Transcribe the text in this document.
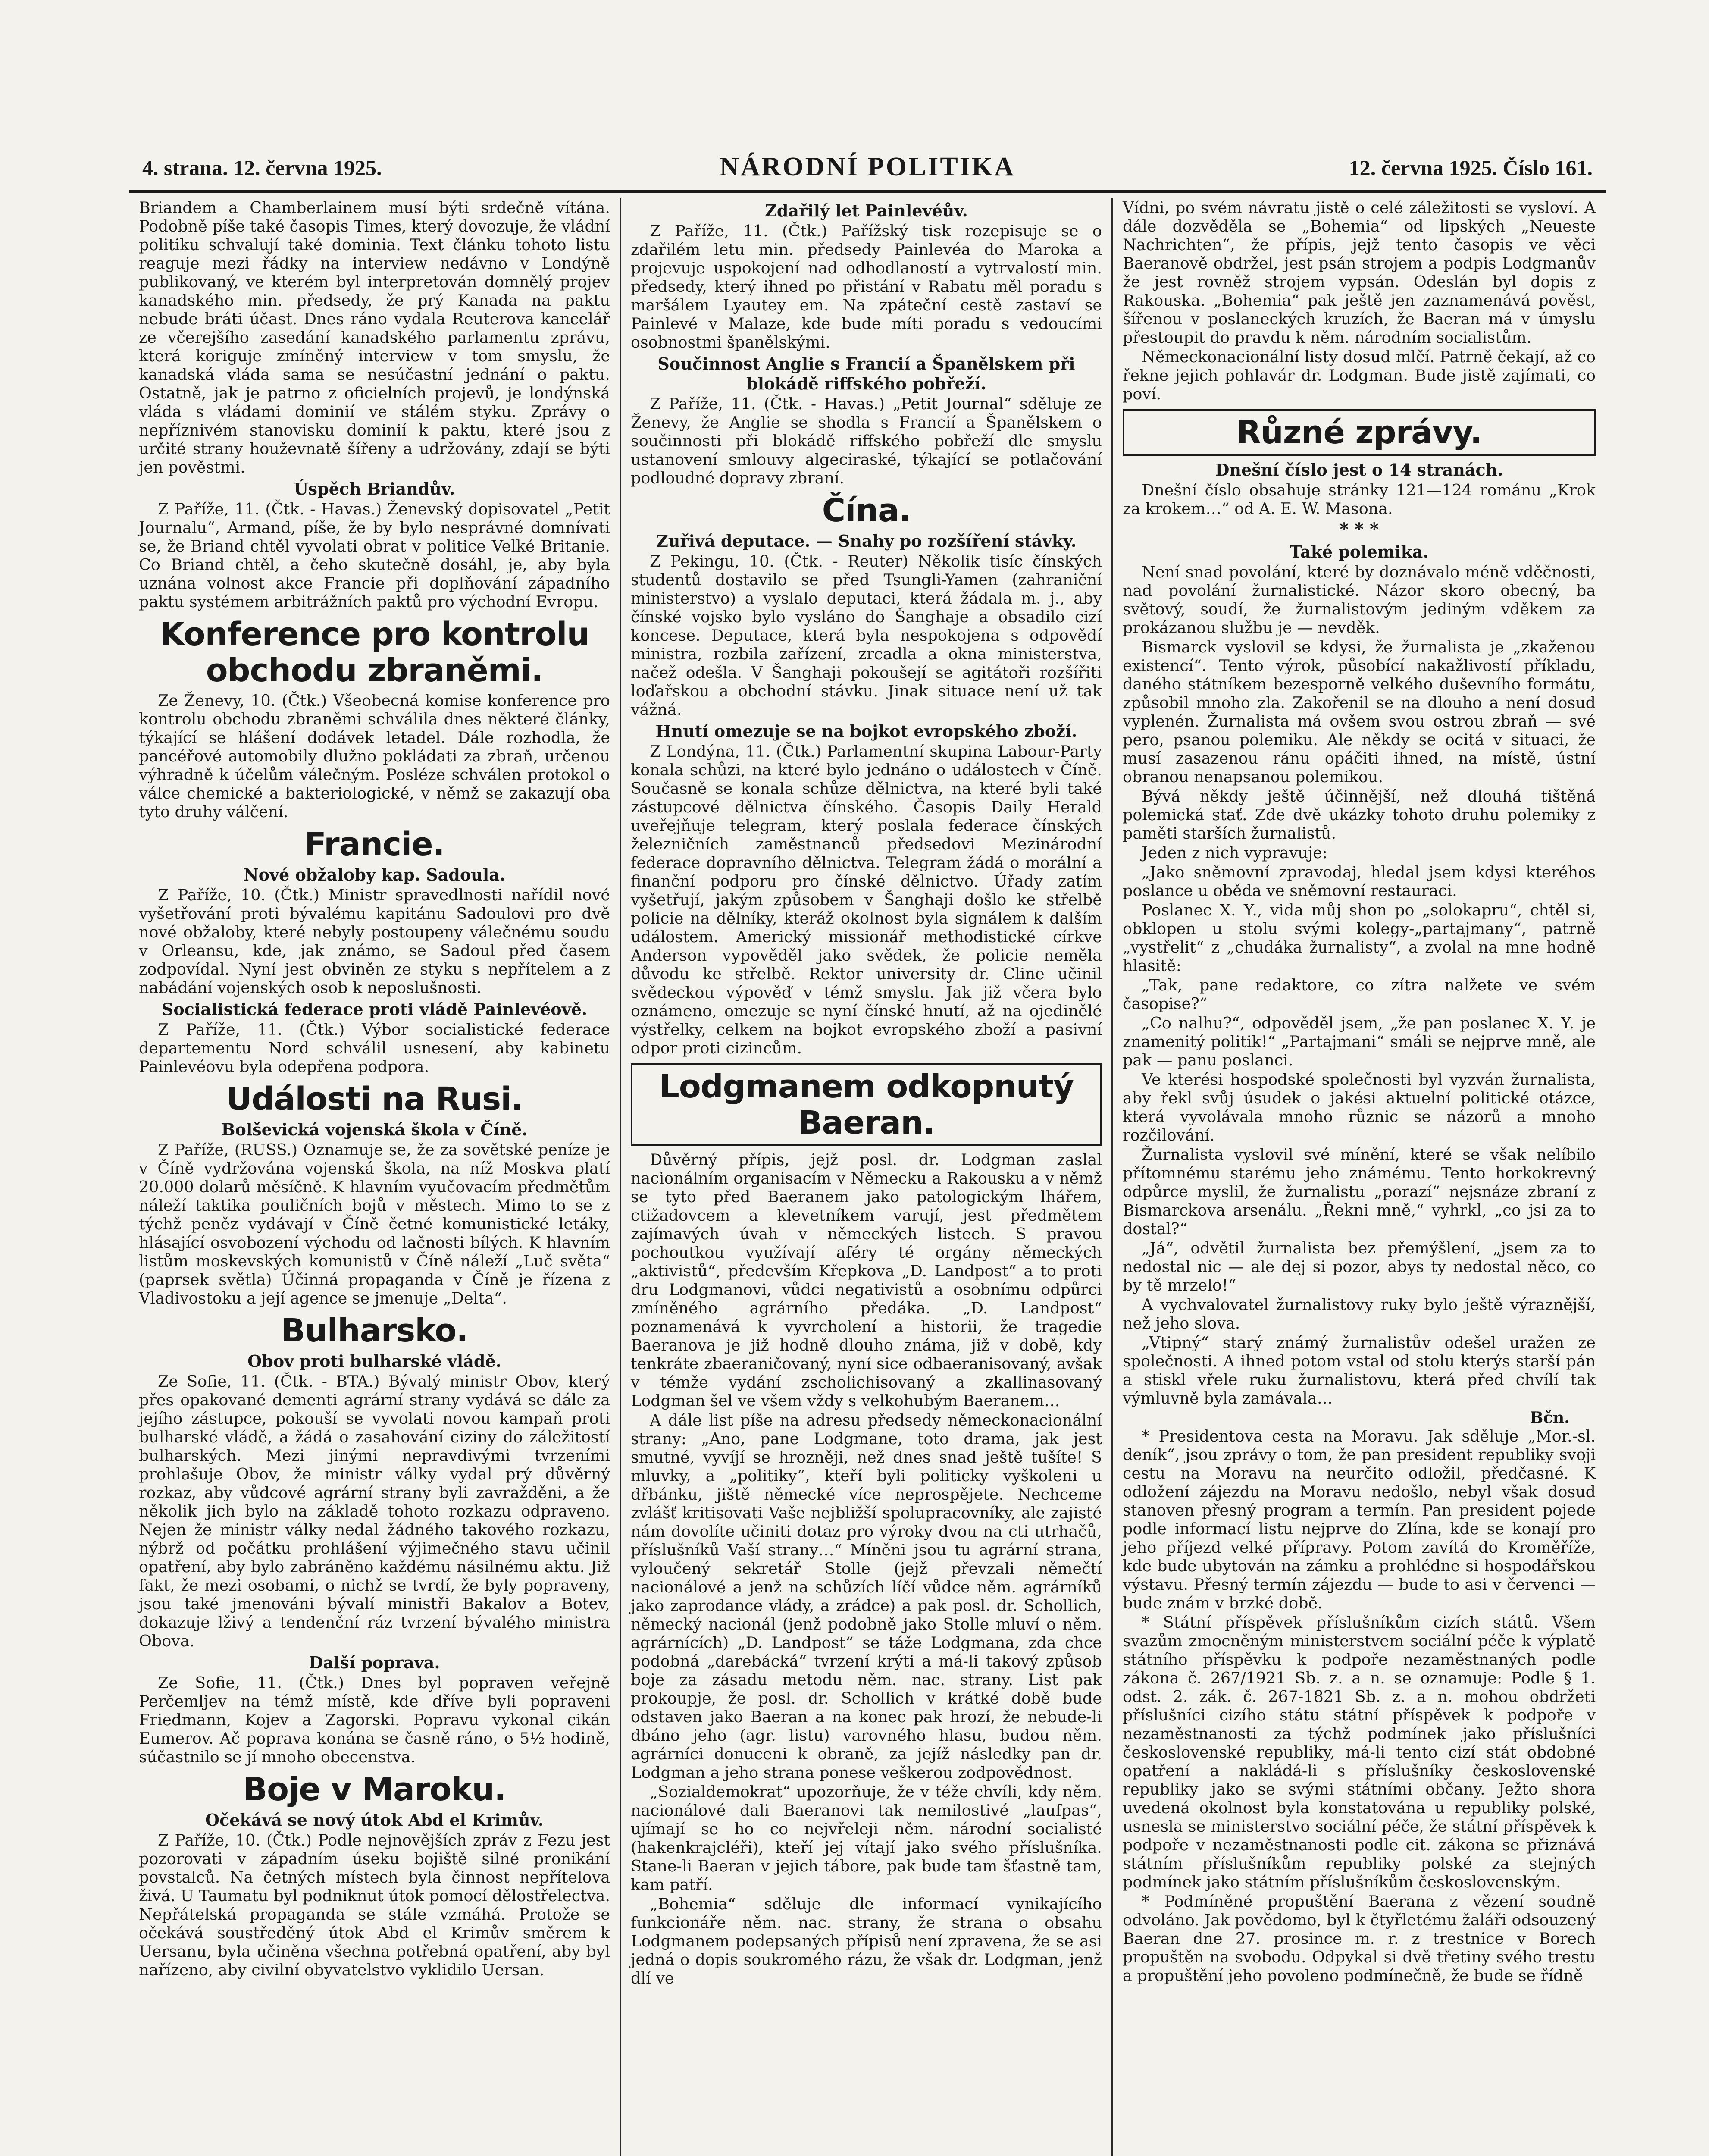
4. strana. 12. června 1925.	NÁRODNÍ POLITIKA	12. června 1925. Číslo 161.

Briandem a Chamberlainem musí býti srdečně vítána. Podobně píše také časopis Times, který dovozuje, že vládní politiku schvalují také dominia. Text článku tohoto listu reaguje mezi řádky na interview nedávno v Londýně publikovaný, ve kterém byl interpretován domnělý projev kanadského min. předsedy, že prý Kanada na paktu nebude bráti účast. Dnes ráno vydala Reuterova kancelář ze včerejšího zasedání kanadského parlamentu zprávu, která koriguje zmíněný interview v tom smyslu, že kanadská vláda sama se nesúčastní jednání o paktu. Ostatně, jak je patrno z oficielních projevů, je londýnská vláda s vládami dominií ve stálém styku. Zprávy o nepříznivém stanovisku dominií k paktu, které jsou z určité strany houževnatě šířeny a udržovány, zdají se býti jen pověstmi.

Úspěch Briandův.

Z Paříže, 11. (Čtk. - Havas.) Ženevský dopisovatel „Petit Journalu“, Armand, píše, že by bylo nesprávné domnívati se, že Briand chtěl vyvolati obrat v politice Velké Britanie. Co Briand chtěl, a čeho skutečně dosáhl, je, aby byla uznána volnost akce Francie při doplňování západního paktu systémem arbitrážních paktů pro východní Evropu.

Konference pro kontrolu obchodu zbraněmi.

Ze Ženevy, 10. (Čtk.) Všeobecná komise konference pro kontrolu obchodu zbraněmi schválila dnes některé články, týkající se hlášení dodávek letadel. Dále rozhodla, že pancéřové automobily dlužno pokládati za zbraň, určenou výhradně k účelům válečným. Posléze schválen protokol o válce chemické a bakteriologické, v němž se zakazují oba tyto druhy válčení.

Francie.
Nové obžaloby kap. Sadoula.

Z Paříže, 10. (Čtk.) Ministr spravedlnosti nařídil nové vyšetřování proti bývalému kapitánu Sadoulovi pro dvě nové obžaloby, které nebyly postoupeny válečnému soudu v Orleansu, kde, jak známo, se Sadoul před časem zodpovídal. Nyní jest obviněn ze styku s nepřítelem a z nabádání vojenských osob k neposlušnosti.

Socialistická federace proti vládě Painlevéově.

Z Paříže, 11. (Čtk.) Výbor socialistické federace departementu Nord schválil usnesení, aby kabinetu Painlevéovu byla odepřena podpora.

Události na Rusi.
Bolševická vojenská škola v Číně.

Z Paříže, (RUSS.) Oznamuje se, že za sovětské peníze je v Číně vydržována vojenská škola, na níž Moskva platí 20.000 dolarů měsíčně. K hlavním vyučovacím předmětům náleží taktika pouličních bojů v městech. Mimo to se z týchž peněz vydávají v Číně četné komunistické letáky, hlásající osvobození východu od lačnosti bílých. K hlavním listům moskevských komunistů v Číně náleží „Luč světa“ (paprsek světla) Účinná propaganda v Číně je řízena z Vladivostoku a její agence se jmenuje „Delta“.

Bulharsko.
Obov proti bulharské vládě.

Ze Sofie, 11. (Čtk. - BTA.) Bývalý ministr Obov, který přes opakované dementi agrární strany vydává se dále za jejího zástupce, pokouší se vyvolati novou kampaň proti bulharské vládě, a žádá o zasahování ciziny do záležitostí bulharských. Mezi jinými nepravdivými tvrzeními prohlašuje Obov, že ministr války vydal prý důvěrný rozkaz, aby vůdcové agrární strany byli zavražděni, a že několik jich bylo na základě tohoto rozkazu odpraveno. Nejen že ministr války nedal žádného takového rozkazu, nýbrž od počátku prohlášení výjimečného stavu učinil opatření, aby bylo zabráněno každému násilnému aktu. Již fakt, že mezi osobami, o nichž se tvrdí, že byly popraveny, jsou také jmenováni bývalí ministři Bakalov a Botev, dokazuje lživý a tendenční ráz tvrzení bývalého ministra Obova.

Další poprava.

Ze Sofie, 11. (Čtk.) Dnes byl popraven veřejně Perčemljev na témž místě, kde dříve byli popraveni Friedmann, Kojev a Zagorski. Popravu vykonal cikán Eumerov. Ač poprava konána se časně ráno, o 5½ hodině, súčastnilo se jí mnoho obecenstva.

Boje v Maroku.
Očekává se nový útok Abd el Krimův.

Z Paříže, 10. (Čtk.) Podle nejnovějších zpráv z Fezu jest pozorovati v západním úseku bojiště silné pronikání povstalců. Na četných místech byla činnost nepřítelova živá. U Taumatu byl podniknut útok pomocí dělostřelectva. Nepřátelská propaganda se stále vzmáhá. Protože se očekává soustředěný útok Abd el Krimův směrem k Uersanu, byla učiněna všechna potřebná opatření, aby byl nařízeno, aby civilní obyvatelstvo vyklidilo Uersan.

Zdařilý let Painlevéův.

Z Paříže, 11. (Čtk.) Pařížský tisk rozepisuje se o zdařilém letu min. předsedy Painlevéa do Maroka a projevuje uspokojení nad odhodlaností a vytrvalostí min. předsedy, který ihned po přistání v Rabatu měl poradu s maršálem Lyautey em. Na zpáteční cestě zastaví se Painlevé v Malaze, kde bude míti poradu s vedoucími osobnostmi španělskými.

Součinnost Anglie s Francií a Španělskem při blokádě riffského pobřeží.

Z Paříže, 11. (Čtk. - Havas.) „Petit Journal“ sděluje ze Ženevy, že Anglie se shodla s Francií a Španělskem o součinnosti při blokádě riffského pobřeží dle smyslu ustanovení smlouvy algeciraské, týkající se potlačování podloudné dopravy zbraní.

Čína.
Zuřivá deputace. — Snahy po rozšíření stávky.

Z Pekingu, 10. (Čtk. - Reuter) Několik tisíc čínských studentů dostavilo se před Tsungli-Yamen (zahraniční ministerstvo) a vyslalo deputaci, která žádala m. j., aby čínské vojsko bylo vysláno do Šanghaje a obsadilo cizí koncese. Deputace, která byla nespokojena s odpovědí ministra, rozbila zařízení, zrcadla a okna ministerstva, načež odešla. V Šanghaji pokoušejí se agitátoři rozšířiti loďařskou a obchodní stávku. Jinak situace není už tak vážná.

Hnutí omezuje se na bojkot evropského zboží.

Z Londýna, 11. (Čtk.) Parlamentní skupina Labour-Party konala schůzi, na které bylo jednáno o událostech v Číně. Současně se konala schůze dělnictva, na které byli také zástupcové dělnictva čínského. Časopis Daily Herald uveřejňuje telegram, který poslala federace čínských železničních zaměstnanců předsedovi Mezinárodní federace dopravního dělnictva. Telegram žádá o morální a finanční podporu pro čínské dělnictvo. Úřady zatím vyšetřují, jakým způsobem v Šanghaji došlo ke střelbě policie na dělníky, kteráž okolnost byla signálem k dalším událostem. Americký missionář methodistické církve Anderson vypověděl jako svědek, že policie neměla důvodu ke střelbě. Rektor university dr. Cline učinil svědeckou výpověď v témž smyslu. Jak již včera bylo oznámeno, omezuje se nyní čínské hnutí, až na ojedinělé výstřelky, celkem na bojkot evropského zboží a pasivní odpor proti cizincům.

Lodgmanem odkopnutý Baeran.

Důvěrný přípis, jejž posl. dr. Lodgman zaslal nacionálním organisacím v Německu a Rakousku a v němž se tyto před Baeranem jako patologickým lhářem, ctižadovcem a klevetníkem varují, jest předmětem zajímavých úvah v německých listech. S pravou pochoutkou využívají aféry té orgány německých „aktivistů“, především Křepkova „D. Landpost“ a to proti dru Lodgmanovi, vůdci negativistů a osobnímu odpůrci zmíněného agrárního předáka. „D. Landpost“ poznamenává k vyvrcholení a historii, že tragedie Baeranova je již hodně dlouho známa, již v době, kdy tenkráte zbaeraničovaný, nyní sice odbaeranisovaný, avšak v témže vydání zscholichisovaný a zkallinasovaný Lodgman šel ve všem vždy s velkohubým Baeranem…

A dále list píše na adresu předsedy německonacionální strany: „Ano, pane Lodgmane, toto drama, jak jest smutné, vyvíjí se hrozněji, než dnes snad ještě tušíte! S mluvky, a „politiky“, kteří byli politicky vyškoleni u dřbánku, jiště německé více neprospějete. Nechceme zvlášť kritisovati Vaše nejbližší spolupracovníky, ale zajisté nám dovolíte učiniti dotaz pro výroky dvou na cti utrhačů, příslušníků Vaší strany…“ Míněni jsou tu agrární strana, vyloučený sekretář Stolle (jejž převzali němečtí nacionálové a jenž na schůzích líčí vůdce něm. agrárníků jako zaprodance vlády, a zrádce) a pak posl. dr. Schollich, německý nacionál (jenž podobně jako Stolle mluví o něm. agrárnících) „D. Landpost“ se táže Lodgmana, zda chce podobná „darebácká“ tvrzení krýti a má-li takový způsob boje za zásadu metodu něm. nac. strany. List pak prokoupje, že posl. dr. Schollich v krátké době bude odstaven jako Baeran a na konec pak hrozí, že nebude-li dbáno jeho (agr. listu) varovného hlasu, budou něm. agrárníci donuceni k obraně, za jejíž následky pan dr. Lodgman a jeho strana ponese veškerou zodpovědnost.

„Sozialdemokrat“ upozorňuje, že v téže chvíli, kdy něm. nacionálové dali Baeranovi tak nemilostivé „laufpas“, ujímají se ho co nejvřeleji něm. národní socialisté (hakenkrajcléři), kteří jej vítají jako svého příslušníka. Stane-li Baeran v jejich tábore, pak bude tam šťastně tam, kam patří.

„Bohemia“ sděluje dle informací vynikajícího funkcionáře něm. nac. strany, že strana o obsahu Lodgmanem podepsaných přípisů není zpravena, že se asi jedná o dopis soukromého rázu, že však dr. Lodgman, jenž dlí ve

Vídni, po svém návratu jistě o celé záležitosti se vysloví. A dále dozvěděla se „Bohemia“ od lipských „Neueste Nachrichten“, že přípis, jejž tento časopis ve věci Baeranově obdržel, jest psán strojem a podpis Lodgmanův že jest rovněž strojem vypsán. Odeslán byl dopis z Rakouska. „Bohemia“ pak ještě jen zaznamenává pověst, šířenou v poslaneckých kruzích, že Baeran má v úmyslu přestoupit do pravdu k něm. národním socialistům.

Německonacionální listy dosud mlčí. Patrně čekají, až co řekne jejich pohlavár dr. Lodgman. Bude jistě zajímati, co poví.

Různé zprávy.
Dnešní číslo jest o 14 stranách.

Dnešní číslo obsahuje stránky 121—124 románu „Krok za krokem…“ od A. E. W. Masona.

* * *
Také polemika.

Není snad povolání, které by doznávalo méně vděčnosti, nad povolání žurnalistické. Názor skoro obecný, ba světový, soudí, že žurnalistovým jediným vděkem za prokázanou službu je — nevděk.

Bismarck vyslovil se kdysi, že žurnalista je „zkaženou existencí“. Tento výrok, působící nakažlivostí příkladu, daného státníkem bezesporně velkého duševního formátu, způsobil mnoho zla. Zakořenil se na dlouho a není dosud vyplenén. Žurnalista má ovšem svou ostrou zbraň — své pero, psanou polemiku. Ale někdy se ocitá v situaci, že musí zasazenou ránu opáčiti ihned, na místě, ústní obranou nenapsanou polemikou.

Bývá někdy ještě účinnější, než dlouhá tištěná polemická stať. Zde dvě ukázky tohoto druhu polemiky z paměti starších žurnalistů.

Jeden z nich vypravuje:

„Jako sněmovní zpravodaj, hledal jsem kdysi kteréhos poslance u oběda ve sněmovní restauraci.

Poslanec X. Y., vida můj shon po „solokapru“, chtěl si, obklopen u stolu svými kolegy-„partajmany“, patrně „vystřelit“ z „chudáka žurnalisty“, a zvolal na mne hodně hlasitě:

„Tak, pane redaktore, co zítra nalžete ve svém časopise?“

„Co nalhu?“, odpověděl jsem, „že pan poslanec X. Y. je znamenitý politik!“ „Partajmani“ smáli se nejprve mně, ale pak — panu poslanci.

Ve kterési hospodské společnosti byl vyzván žurnalista, aby řekl svůj úsudek o jakési aktuelní politické otázce, která vyvolávala mnoho různic se názorů a mnoho rozčilování.

Žurnalista vyslovil své mínění, které se však nelíbilo přítomnému starému jeho známému. Tento horkokrevný odpůrce myslil, že žurnalistu „porazí“ nejsnáze zbraní z Bismarckova arsenálu. „Řekni mně,“ vyhrkl, „co jsi za to dostal?“

„Já“, odvětil žurnalista bez přemýšlení, „jsem za to nedostal nic — ale dej si pozor, abys ty nedostal něco, co by tě mrzelo!“

A vychvalovatel žurnalistovy ruky bylo ještě výraznější, než jeho slova.

„Vtipný“ starý známý žurnalistův odešel uražen ze společnosti. A ihned potom vstal od stolu kterýs starší pán a stiskl vřele ruku žurnalistovu, která před chvílí tak výmluvně byla zamávala…

Bčn.

* Presidentova cesta na Moravu. Jak sděluje „Mor.-sl. deník“, jsou zprávy o tom, že pan president republiky svoji cestu na Moravu na neurčito odložil, předčasné. K odložení zájezdu na Moravu nedošlo, nebyl však dosud stanoven přesný program a termín. Pan president pojede podle informací listu nejprve do Zlína, kde se konají pro jeho příjezd velké přípravy. Potom zavítá do Kroměříže, kde bude ubytován na zámku a prohlédne si hospodářskou výstavu. Přesný termín zájezdu — bude to asi v červenci — bude znám v brzké době.

* Státní příspěvek příslušníkům cizích států. Všem svazům zmocněným ministerstvem sociální péče k výplatě státního příspěvku k podpoře nezaměstnaných podle zákona č. 267/1921 Sb. z. a n. se oznamuje: Podle § 1. odst. 2. zák. č. 267-1821 Sb. z. a n. mohou obdržeti příslušníci cizího státu státní příspěvek k podpoře v nezaměstnanosti za týchž podmínek jako příslušníci československé republiky, má-li tento cizí stát obdobné opatření a nakládá-li s příslušníky československé republiky jako se svými státními občany. Ježto shora uvedená okolnost byla konstatována u republiky polské, usnesla se ministerstvo sociální péče, že státní příspěvek k podpoře v nezaměstnanosti podle cit. zákona se přiznává státním příslušníkům republiky polské za stejných podmínek jako státním příslušníkům československým.

* Podmíněné propuštění Baerana z vězení soudně odvoláno. Jak povědomo, byl k čtyřletému žaláři odsouzený Baeran dne 27. prosince m. r. z trestnice v Borech propuštěn na svobodu. Odpykal si dvě třetiny svého trestu a propuštění jeho povoleno podmínečně, že bude se řídně
